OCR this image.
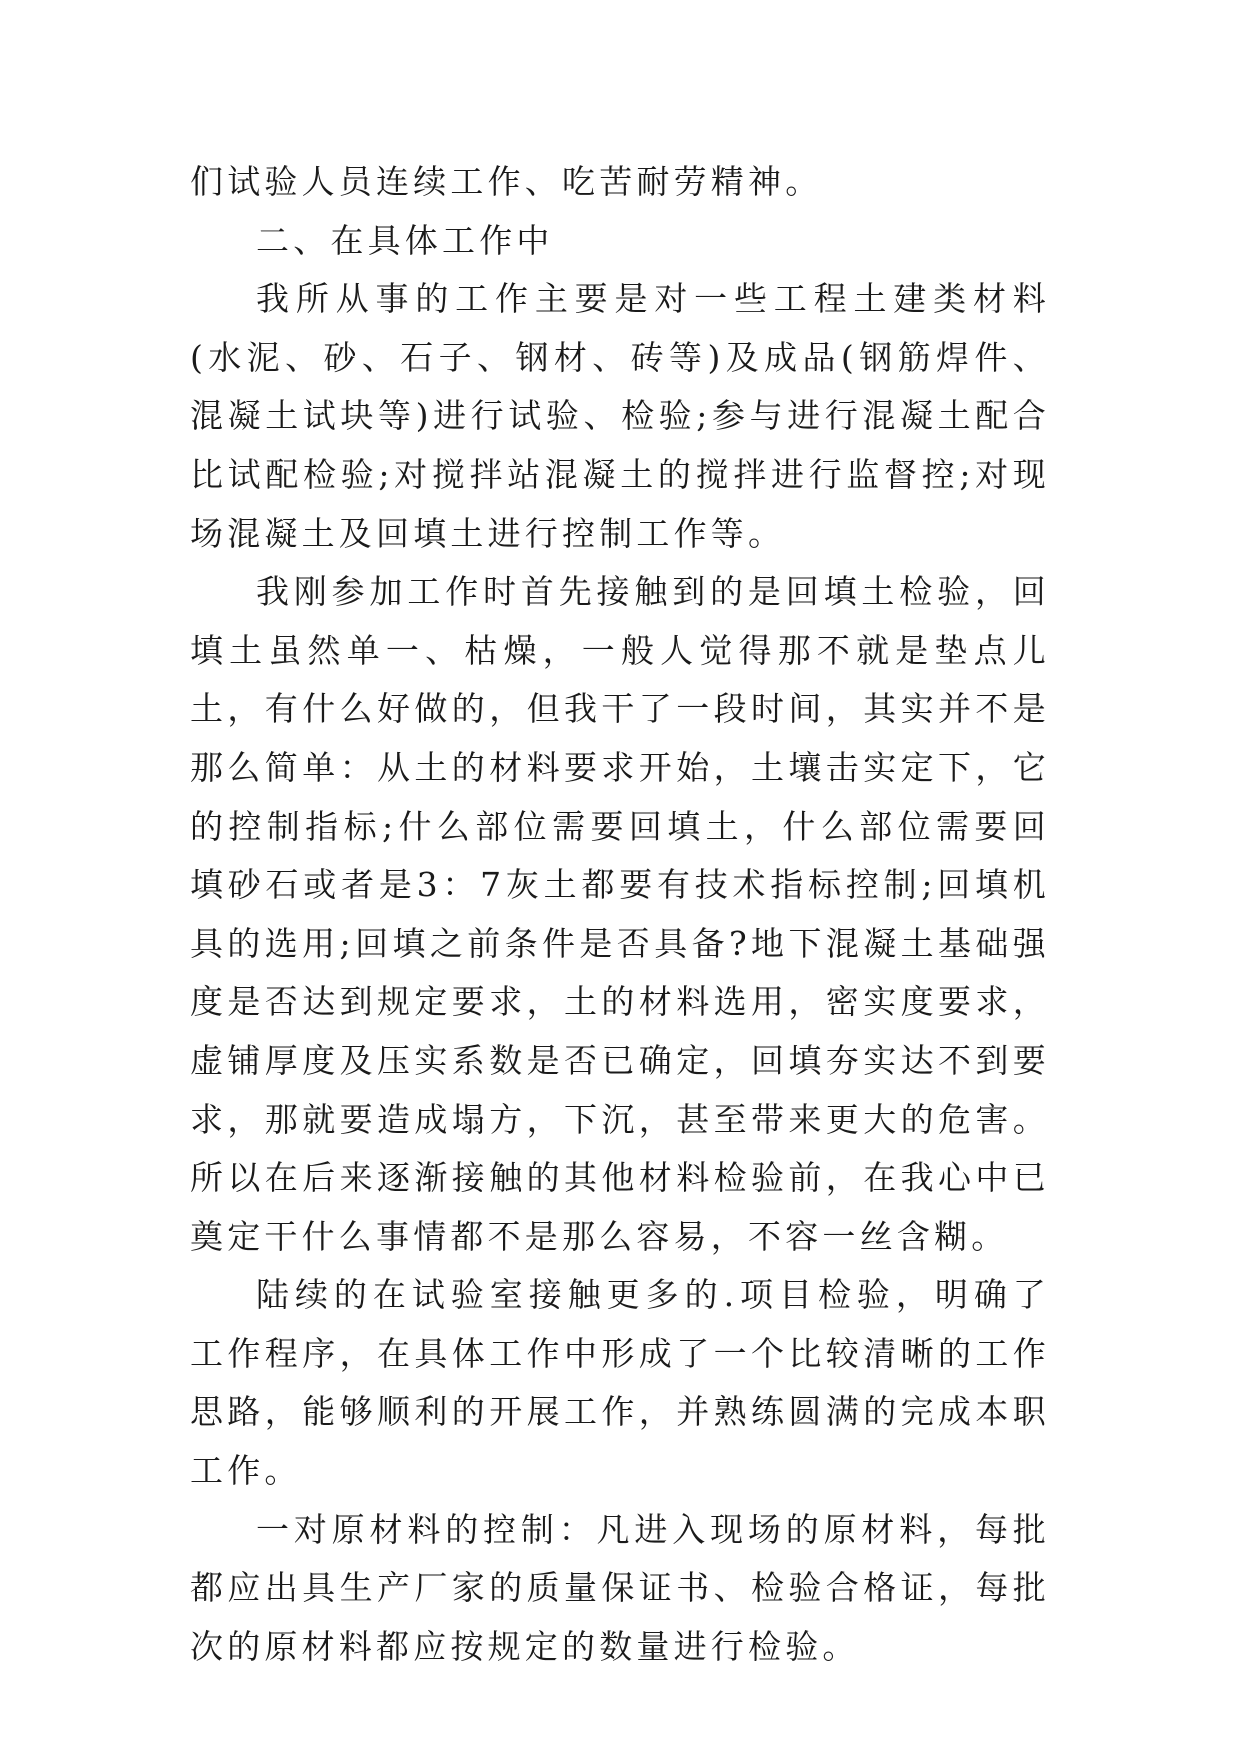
们试验人员连续工作、吃苦耐劳精神。

二、在具体工作中

我所从事的工作主要是对一些工程土建类材料(水泥、砂、石子、钢材、砖等)及成品(钢筋焊件、混凝土试块等)进行试验、检验;参与进行混凝土配合比试配检验;对搅拌站混凝土的搅拌进行监督控;对现场混凝土及回填土进行控制工作等。

我刚参加工作时首先接触到的是回填土检验，回填土虽然单一、枯燥，一般人觉得那不就是垫点儿土，有什么好做的，但我干了一段时间，其实并不是那么简单：从土的材料要求开始，土壤击实定下，它的控制指标;什么部位需要回填土，什么部位需要回填砂石或者是3：7灰土都要有技术指标控制;回填机具的选用;回填之前条件是否具备?地下混凝土基础强度是否达到规定要求，土的材料选用，密实度要求，虚铺厚度及压实系数是否已确定，回填夯实达不到要求，那就要造成塌方，下沉，甚至带来更大的危害。所以在后来逐渐接触的其他材料检验前，在我心中已奠定干什么事情都不是那么容易，不容一丝含糊。

陆续的在试验室接触更多的.项目检验，明确了工作程序，在具体工作中形成了一个比较清晰的工作思路，能够顺利的开展工作，并熟练圆满的完成本职工作。

一对原材料的控制：凡进入现场的原材料，每批都应出具生产厂家的质量保证书、检验合格证，每批次的原材料都应按规定的数量进行检验。
